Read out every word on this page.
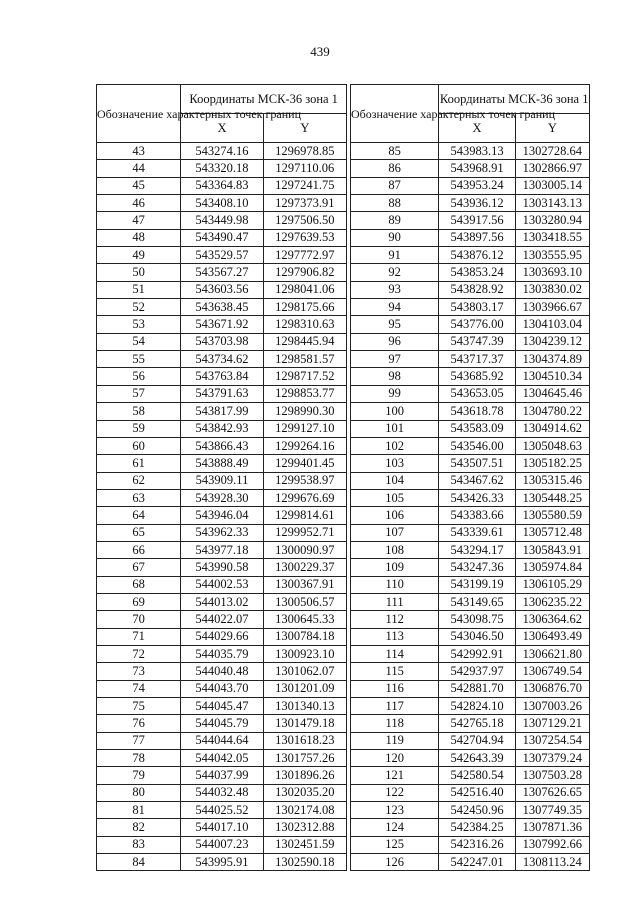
439
Обозначение характерных точек границ	Координаты МСК-36 зона 1	
	X	Y
43	543274.16	1296978.85
44	543320.18	1297110.06
45	543364.83	1297241.75
46	543408.10	1297373.91
47	543449.98	1297506.50
48	543490.47	1297639.53
49	543529.57	1297772.97
50	543567.27	1297906.82
51	543603.56	1298041.06
52	543638.45	1298175.66
53	543671.92	1298310.63
54	543703.98	1298445.94
55	543734.62	1298581.57
56	543763.84	1298717.52
57	543791.63	1298853.77
58	543817.99	1298990.30
59	543842.93	1299127.10
60	543866.43	1299264.16
61	543888.49	1299401.45
62	543909.11	1299538.97
63	543928.30	1299676.69
64	543946.04	1299814.61
65	543962.33	1299952.71
66	543977.18	1300090.97
67	543990.58	1300229.37
68	544002.53	1300367.91
69	544013.02	1300506.57
70	544022.07	1300645.33
71	544029.66	1300784.18
72	544035.79	1300923.10
73	544040.48	1301062.07
74	544043.70	1301201.09
75	544045.47	1301340.13
76	544045.79	1301479.18
77	544044.64	1301618.23
78	544042.05	1301757.26
79	544037.99	1301896.26
80	544032.48	1302035.20
81	544025.52	1302174.08
82	544017.10	1302312.88
83	544007.23	1302451.59
84	543995.91	1302590.18
Обозначение характерных точек границ	Координаты МСК-36 зона 1	
	X	Y
85	543983.13	1302728.64
86	543968.91	1302866.97
87	543953.24	1303005.14
88	543936.12	1303143.13
89	543917.56	1303280.94
90	543897.56	1303418.55
91	543876.12	1303555.95
92	543853.24	1303693.10
93	543828.92	1303830.02
94	543803.17	1303966.67
95	543776.00	1304103.04
96	543747.39	1304239.12
97	543717.37	1304374.89
98	543685.92	1304510.34
99	543653.05	1304645.46
100	543618.78	1304780.22
101	543583.09	1304914.62
102	543546.00	1305048.63
103	543507.51	1305182.25
104	543467.62	1305315.46
105	543426.33	1305448.25
106	543383.66	1305580.59
107	543339.61	1305712.48
108	543294.17	1305843.91
109	543247.36	1305974.84
110	543199.19	1306105.29
111	543149.65	1306235.22
112	543098.75	1306364.62
113	543046.50	1306493.49
114	542992.91	1306621.80
115	542937.97	1306749.54
116	542881.70	1306876.70
117	542824.10	1307003.26
118	542765.18	1307129.21
119	542704.94	1307254.54
120	542643.39	1307379.24
121	542580.54	1307503.28
122	542516.40	1307626.65
123	542450.96	1307749.35
124	542384.25	1307871.36
125	542316.26	1307992.66
126	542247.01	1308113.24
